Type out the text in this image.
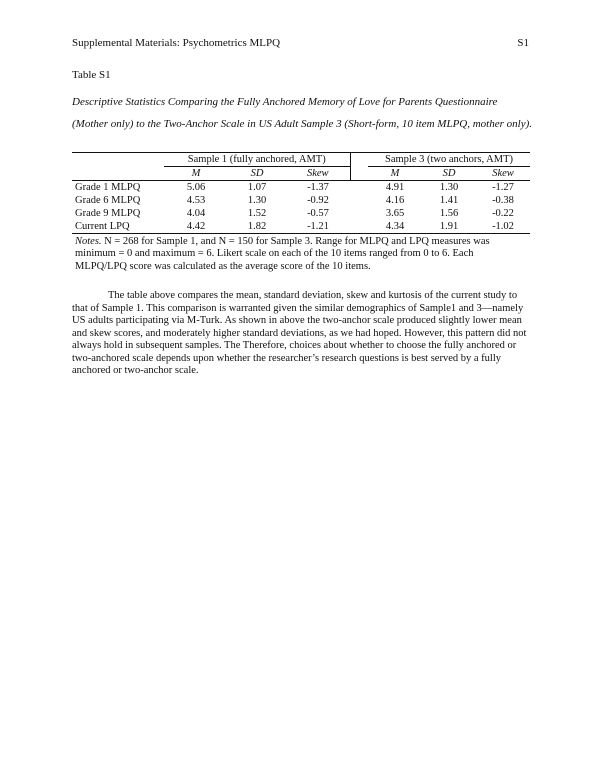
Supplemental Materials: Psychometrics MLPQ	S1
Table S1
Descriptive Statistics Comparing the Fully Anchored Memory of Love for Parents Questionnaire (Mother only) to the Two-Anchor Scale in US Adult Sample 3 (Short-form, 10 item MLPQ, mother only).

	Sample 1 (fully anchored, AMT)				Sample 3 (two anchors, AMT)		
	M	SD	Skew		M	SD	Skew
Grade 1 MLPQ	5.06	1.07	-1.37		4.91	1.30	-1.27
Grade 6 MLPQ	4.53	1.30	-0.92		4.16	1.41	-0.38
Grade 9 MLPQ	4.04	1.52	-0.57		3.65	1.56	-0.22
Current LPQ	4.42	1.82	-1.21		4.34	1.91	-1.02
Notes. N = 268 for Sample 1, and N = 150 for Sample 3. Range for MLPQ and LPQ measures was minimum = 0 and maximum = 6. Likert scale on each of the 10 items ranged from 0 to 6. Each MLPQ/LPQ score was calculated as the average score of the 10 items.
The table above compares the mean, standard deviation, skew and kurtosis of the current study to that of Sample 1. This comparison is warranted given the similar demographics of Sample1 and 3—namely US adults participating via M-Turk. As shown in above the two-anchor scale produced slightly lower mean and skew scores, and moderately higher standard deviations, as we had hoped. However, this pattern did not always hold in subsequent samples. The Therefore, choices about whether to choose the fully anchored or two-anchored scale depends upon whether the researcher’s research questions is best served by a fully anchored or two-anchor scale.
